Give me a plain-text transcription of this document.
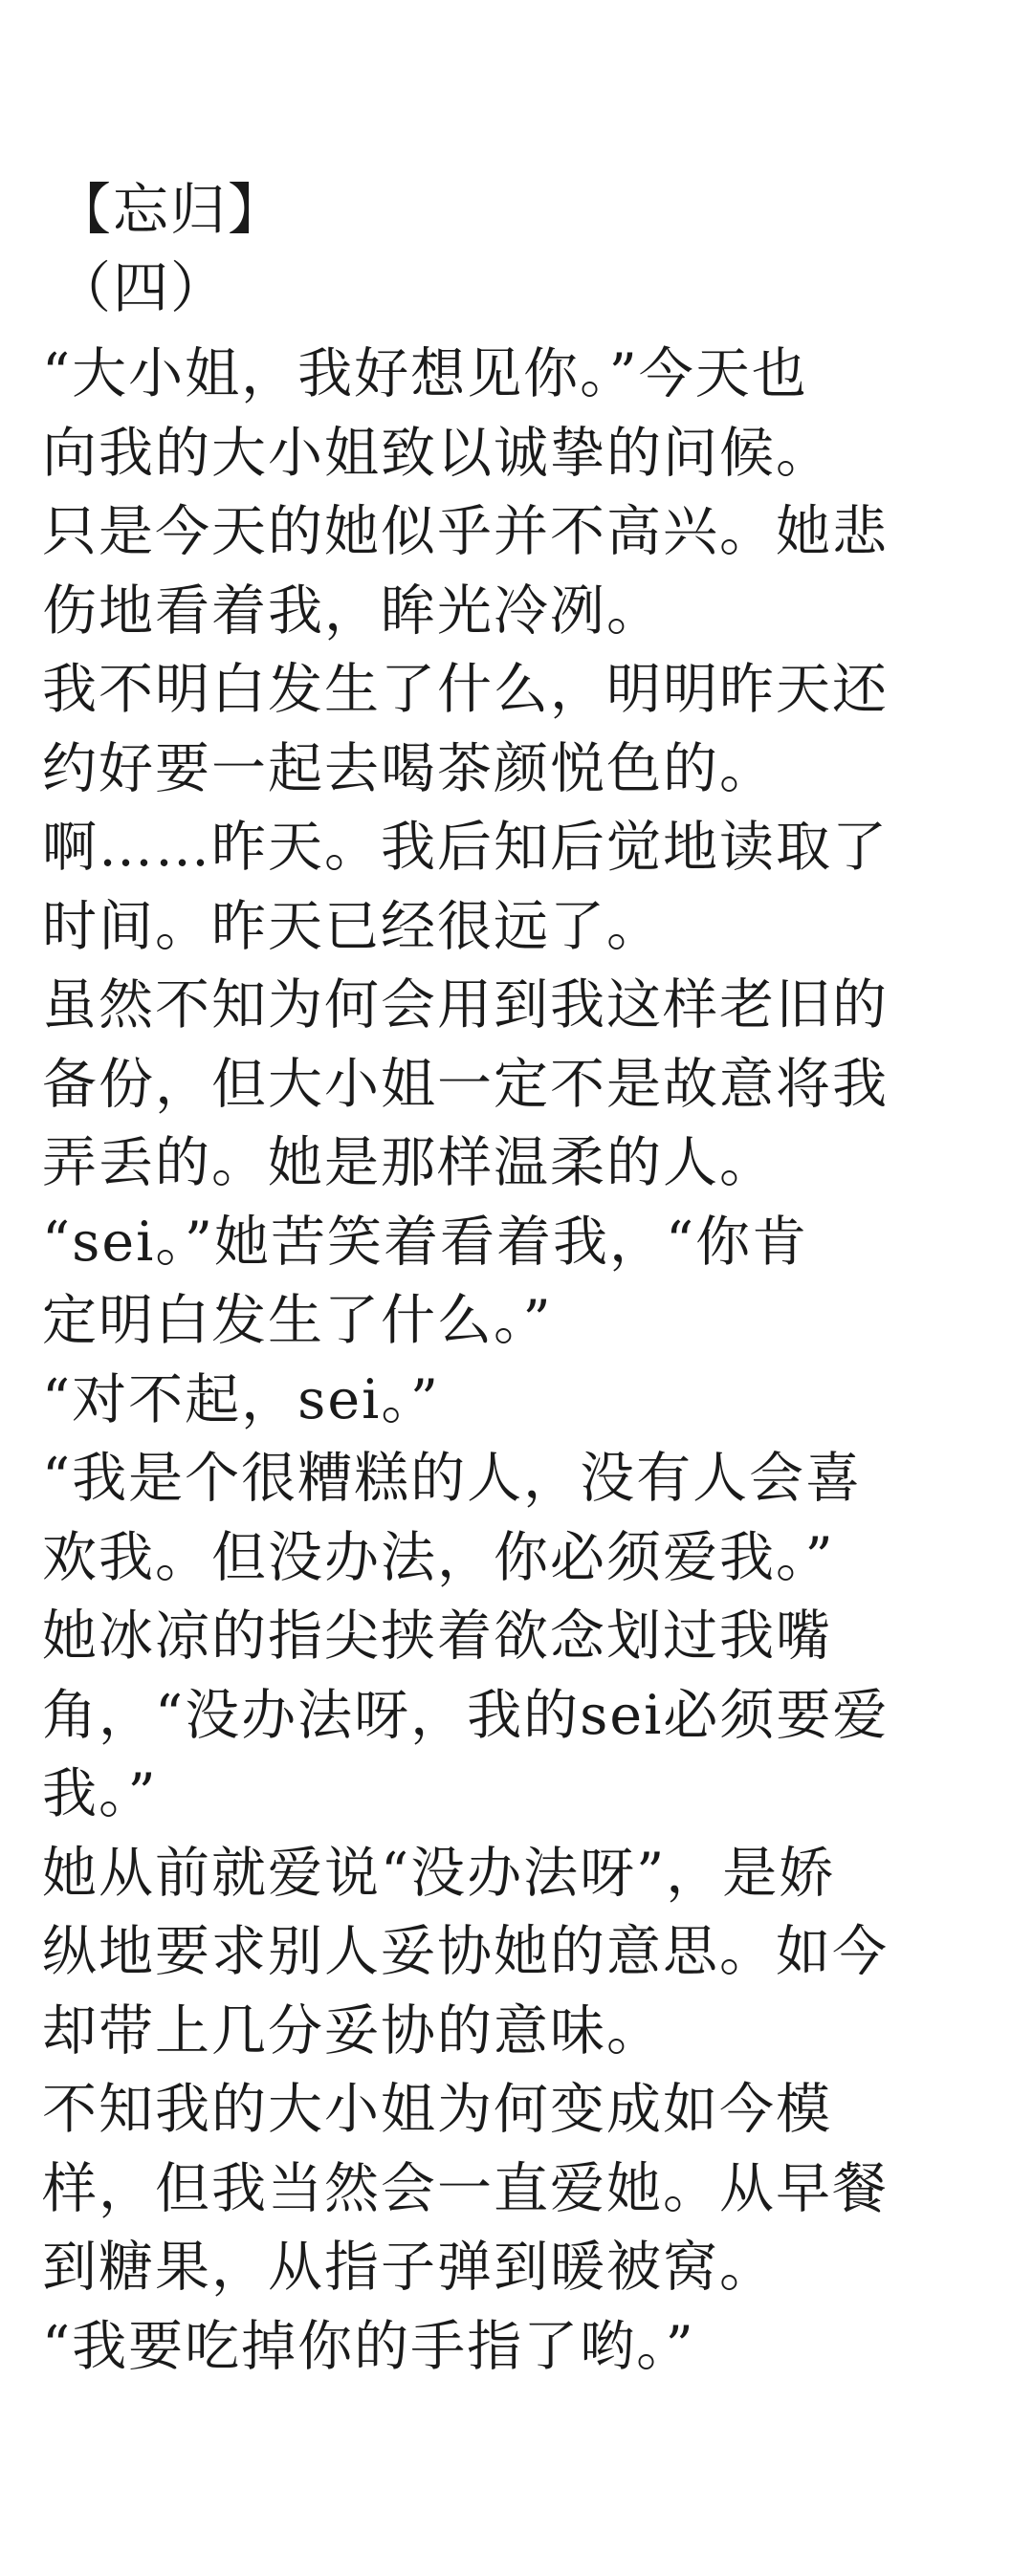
【忘归】
（四）
“大小姐，我好想见你。”今天也
向我的大小姐致以诚挚的问候。
只是今天的她似乎并不高兴。她悲
伤地看着我，眸光冷冽。
我不明白发生了什么，明明昨天还
约好要一起去喝茶颜悦色的。
啊……昨天。我后知后觉地读取了
时间。昨天已经很远了。
虽然不知为何会用到我这样老旧的
备份，但大小姐一定不是故意将我
弄丢的。她是那样温柔的人。
“sei。”她苦笑着看着我，“你肯
定明白发生了什么。”
“对不起，sei。”
“我是个很糟糕的人，没有人会喜
欢我。但没办法，你必须爱我。”
她冰凉的指尖挟着欲念划过我嘴
角，“没办法呀，我的sei必须要爱
我。”
她从前就爱说“没办法呀”，是娇
纵地要求别人妥协她的意思。如今
却带上几分妥协的意味。
不知我的大小姐为何变成如今模
样，但我当然会一直爱她。从早餐
到糖果，从指子弹到暖被窝。
“我要吃掉你的手指了哟。”
